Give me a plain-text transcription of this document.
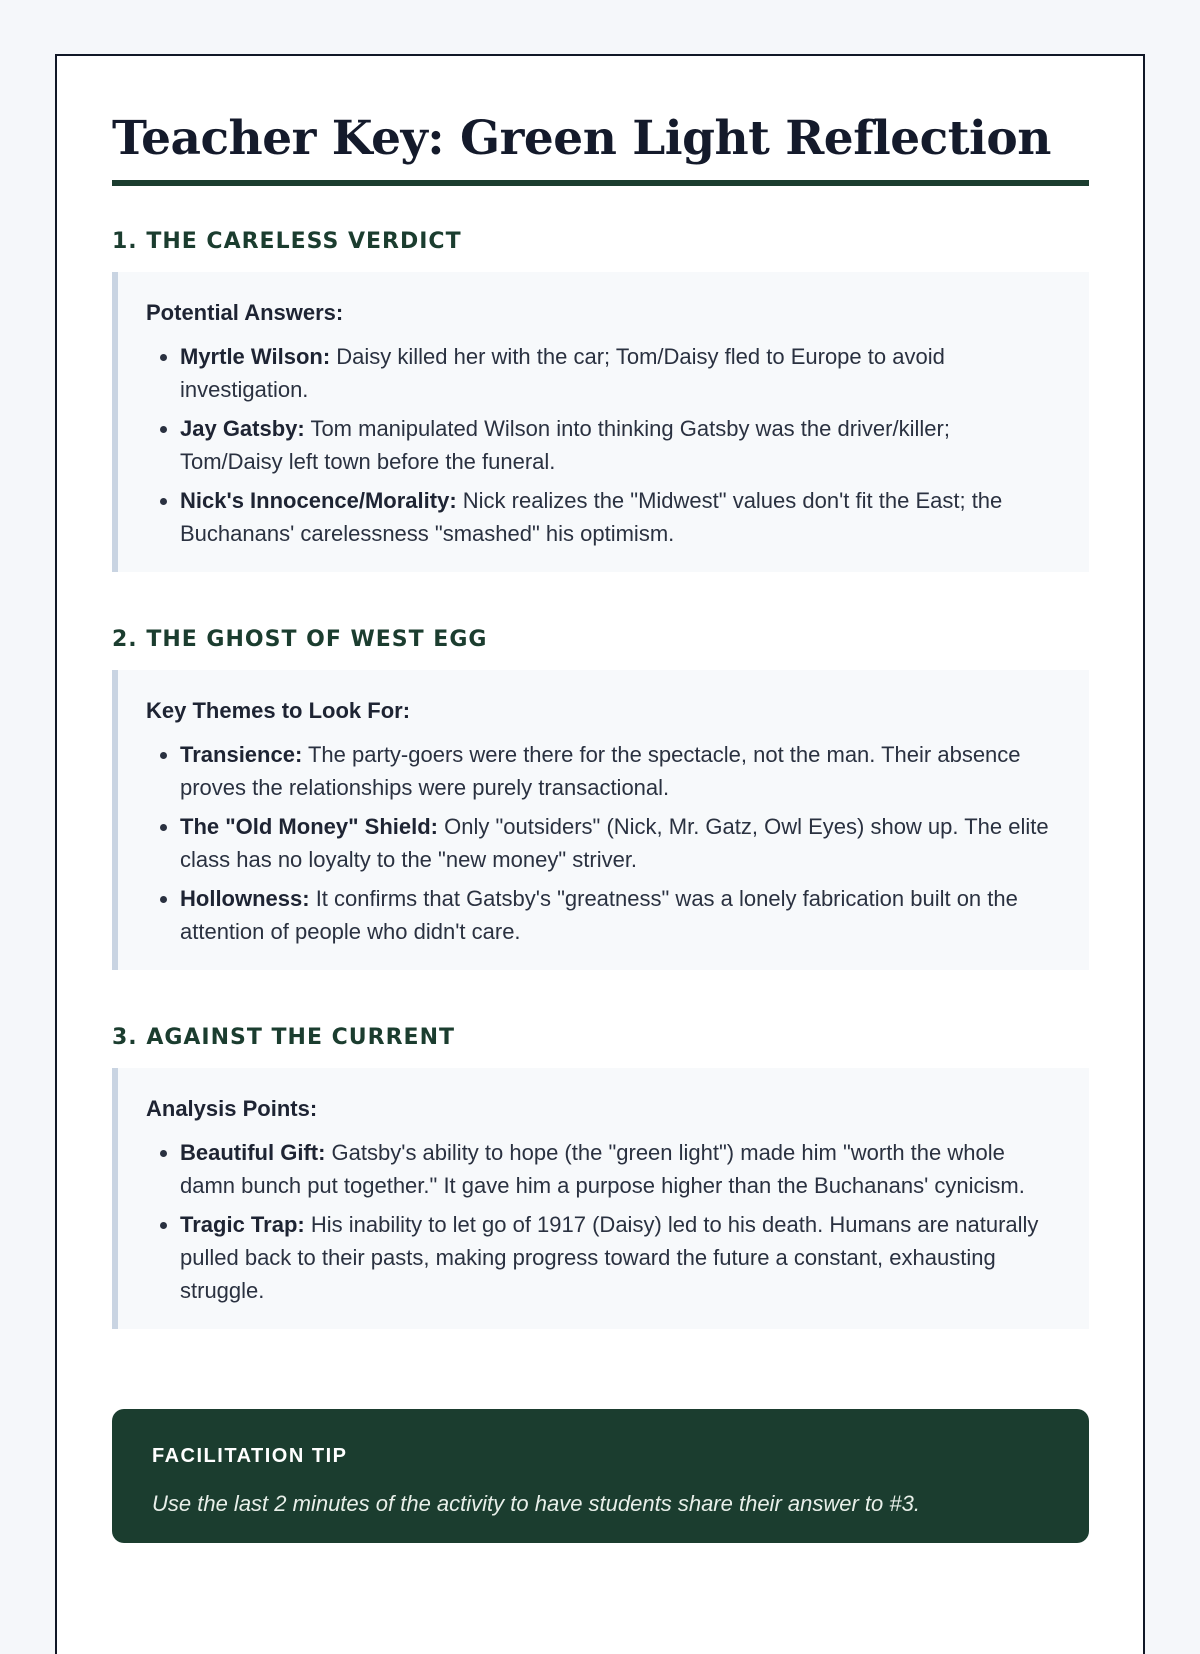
Teacher Key: Green Light Reflection
1. THE CARELESS VERDICT

Potential Answers:

• Myrtle Wilson: Daisy killed her with the car; Tom/Daisy fled to Europe to avoid investigation.
• Jay Gatsby: Tom manipulated Wilson into thinking Gatsby was the driver/killer; Tom/Daisy left town before the funeral.
• Nick's Innocence/Morality: Nick realizes the "Midwest" values don't fit the East; the Buchanans' carelessness "smashed" his optimism.
2. THE GHOST OF WEST EGG

Key Themes to Look For:

• Transience: The party-goers were there for the spectacle, not the man. Their absence proves the relationships were purely transactional.
• The "Old Money" Shield: Only "outsiders" (Nick, Mr. Gatz, Owl Eyes) show up. The elite class has no loyalty to the "new money" striver.
• Hollowness: It confirms that Gatsby's "greatness" was a lonely fabrication built on the attention of people who didn't care.
3. AGAINST THE CURRENT

Analysis Points:

• Beautiful Gift: Gatsby's ability to hope (the "green light") made him "worth the whole damn bunch put together." It gave him a purpose higher than the Buchanans' cynicism.
• Tragic Trap: His inability to let go of 1917 (Daisy) led to his death. Humans are naturally pulled back to their pasts, making progress toward the future a constant, exhausting struggle.

FACILITATION TIP

Use the last 2 minutes of the activity to have students share their answer to #3.
